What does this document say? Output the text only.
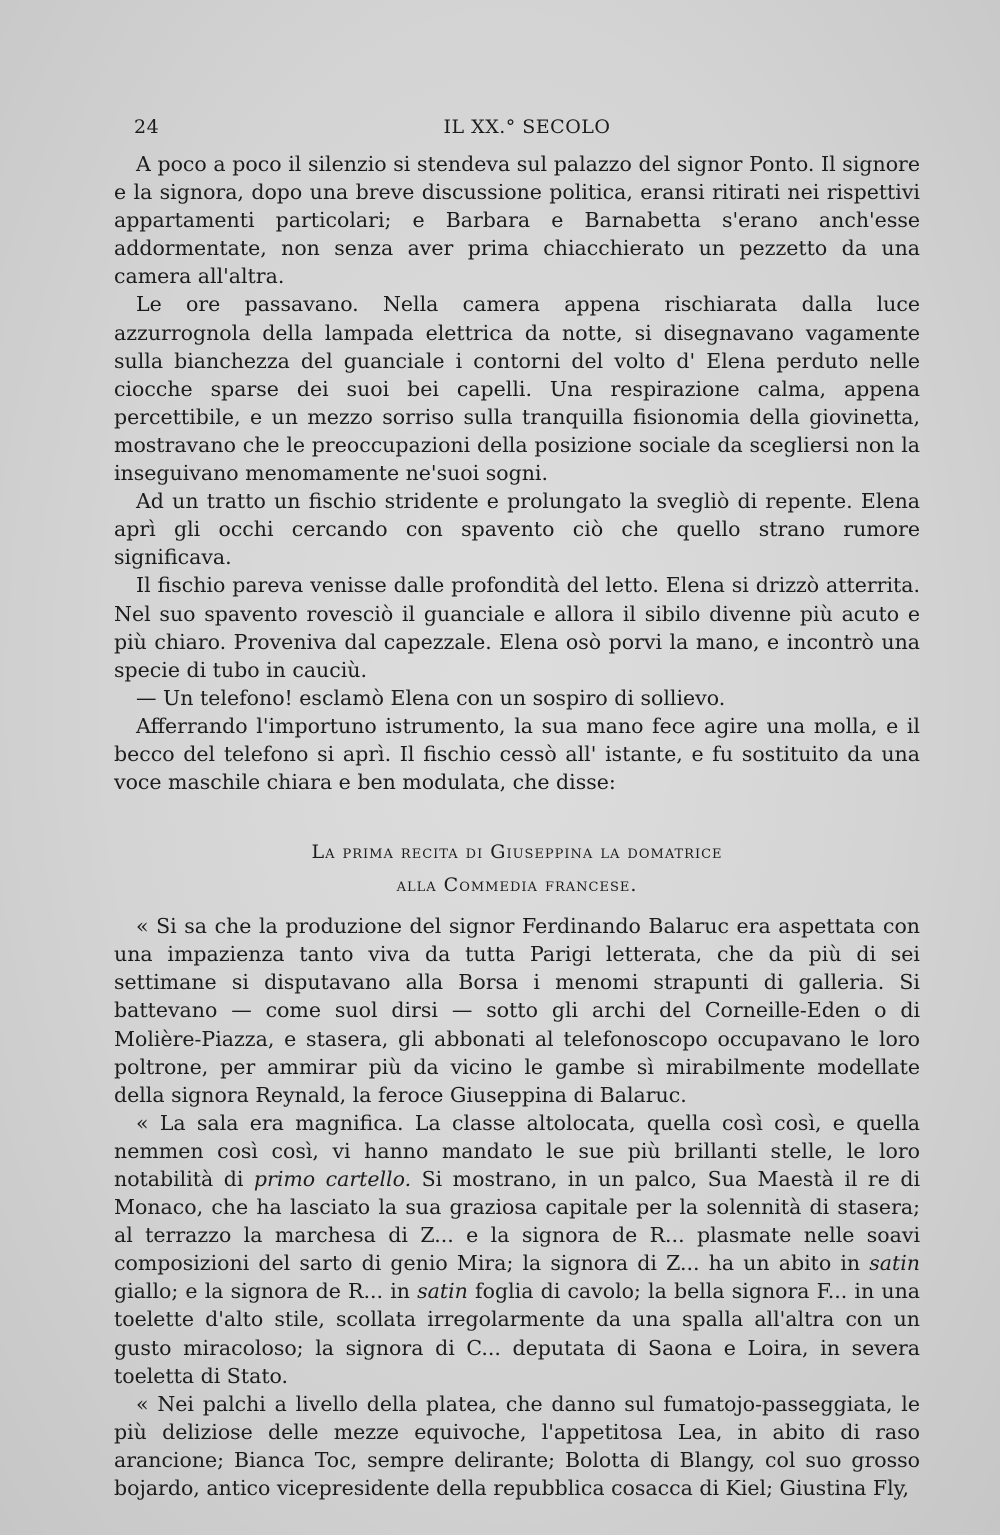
24	IL XX.° SECOLO

A poco a poco il silenzio si stendeva sul palazzo del signor Ponto. Il signore e la signora, dopo una breve discussione politica, eransi ritirati nei rispettivi appartamenti particolari; e Barbara e Barnabetta s'erano anch'esse addormentate, non senza aver prima chiacchierato un pezzetto da una camera all'altra.

Le ore passavano. Nella camera appena rischiarata dalla luce azzurrognola della lampada elettrica da notte, si disegnavano vagamente sulla bianchezza del guanciale i contorni del volto d' Elena perduto nelle ciocche sparse dei suoi bei capelli. Una respirazione calma, appena percettibile, e un mezzo sorriso sulla tranquilla fisionomia della giovinetta, mostravano che le preoccupazioni della posizione sociale da scegliersi non la inseguivano menomamente ne'suoi sogni.

Ad un tratto un fischio stridente e prolungato la svegliò di repente. Elena aprì gli occhi cercando con spavento ciò che quello strano rumore significava.

Il fischio pareva venisse dalle profondità del letto. Elena si drizzò atterrita. Nel suo spavento rovesciò il guanciale e allora il sibilo divenne più acuto e più chiaro. Proveniva dal capezzale. Elena osò porvi la mano, e incontrò una specie di tubo in cauciù.

— Un telefono! esclamò Elena con un sospiro di sollievo.

Afferrando l'importuno istrumento, la sua mano fece agire una molla, e il becco del telefono si aprì. Il fischio cessò all' istante, e fu sostituito da una voce maschile chiara e ben modulata, che disse:

La prima recita di Giuseppina la domatrice
alla Commedia francese.

« Si sa che la produzione del signor Ferdinando Balaruc era aspettata con una impazienza tanto viva da tutta Parigi letterata, che da più di sei settimane si disputavano alla Borsa i menomi strapunti di galleria. Si battevano — come suol dirsi — sotto gli archi del Corneille-Eden o di Molière-Piazza, e stasera, gli abbonati al telefonoscopo occupavano le loro poltrone, per ammirar più da vicino le gambe sì mirabilmente modellate della signora Reynald, la feroce Giuseppina di Balaruc.

« La sala era magnifica. La classe altolocata, quella così così, e quella nemmen così così, vi hanno mandato le sue più brillanti stelle, le loro notabilità di primo cartello. Si mostrano, in un palco, Sua Maestà il re di Monaco, che ha lasciato la sua graziosa capitale per la solennità di stasera; al terrazzo la marchesa di Z... e la signora de R... plasmate nelle soavi composizioni del sarto di genio Mira; la signora di Z... ha un abito in satin giallo; e la signora de R... in satin foglia di cavolo; la bella signora F... in una toelette d'alto stile, scollata irregolarmente da una spalla all'altra con un gusto miracoloso; la signora di C... deputata di Saona e Loira, in severa toeletta di Stato.

« Nei palchi a livello della platea, che danno sul fumatojo-passeggiata, le più deliziose delle mezze equivoche, l'appetitosa Lea, in abito di raso arancione; Bianca Toc, sempre delirante; Bolotta di Blangy, col suo grosso bojardo, antico vicepresidente della repubblica cosacca di Kiel; Giustina Fly,
